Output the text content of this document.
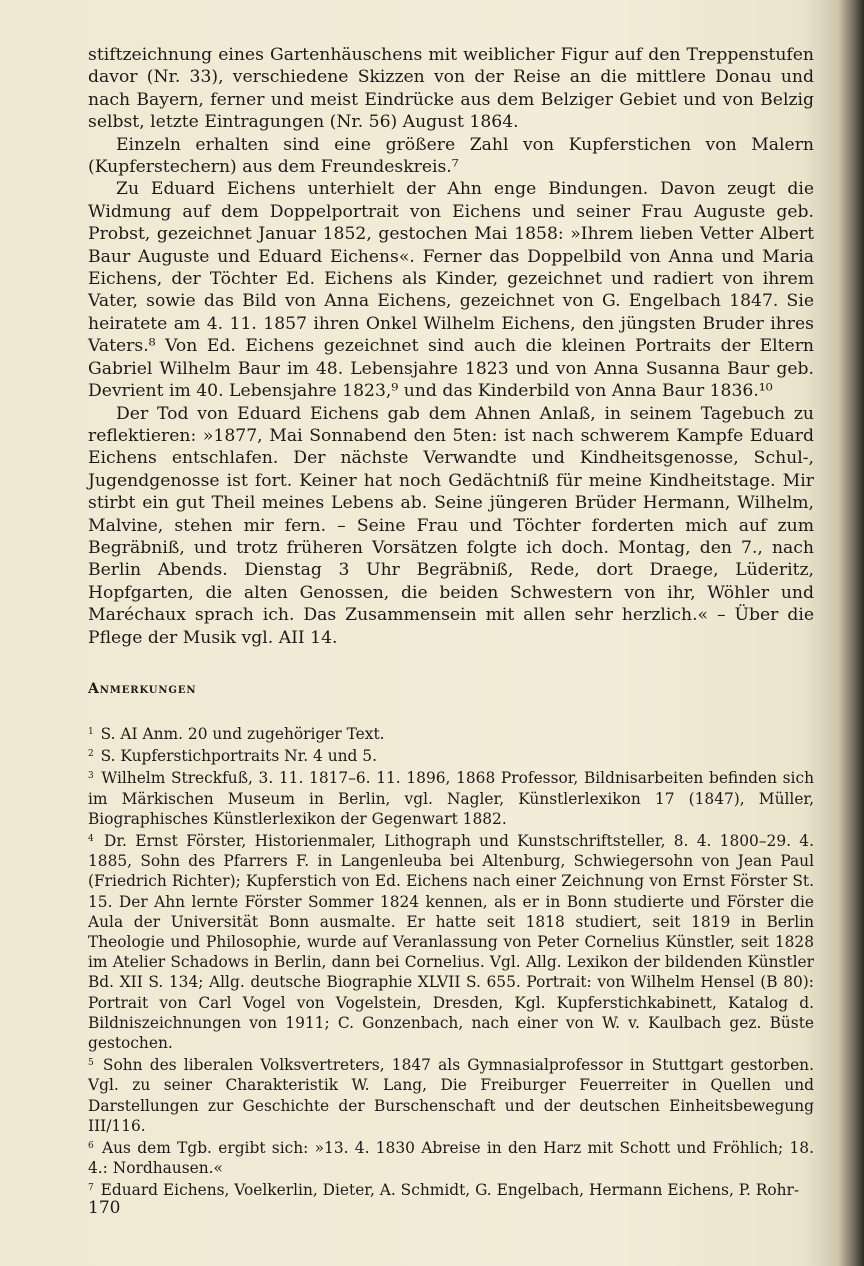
stiftzeichnung eines Gartenhäuschens mit weiblicher Figur auf den Treppenstufen davor (Nr. 33), verschiedene Skizzen von der Reise an die mittlere Donau und nach Bayern, ferner und meist Eindrücke aus dem Belziger Gebiet und von Belzig selbst, letzte Eintragungen (Nr. 56) August 1864.

Einzeln erhalten sind eine größere Zahl von Kupferstichen von Malern (Kupferstechern) aus dem Freundeskreis.⁷

Zu Eduard Eichens unterhielt der Ahn enge Bindungen. Davon zeugt die Widmung auf dem Doppelportrait von Eichens und seiner Frau Auguste geb. Probst, gezeichnet Januar 1852, gestochen Mai 1858: »Ihrem lieben Vetter Albert Baur Auguste und Eduard Eichens«. Ferner das Doppelbild von Anna und Maria Eichens, der Töchter Ed. Eichens als Kinder, gezeichnet und radiert von ihrem Vater, sowie das Bild von Anna Eichens, gezeichnet von G. Engelbach 1847. Sie heiratete am 4. 11. 1857 ihren Onkel Wilhelm Eichens, den jüngsten Bruder ihres Vaters.⁸ Von Ed. Eichens gezeichnet sind auch die kleinen Portraits der Eltern Gabriel Wilhelm Baur im 48. Lebensjahre 1823 und von Anna Susanna Baur geb. Devrient im 40. Lebensjahre 1823,⁹ und das Kinderbild von Anna Baur 1836.¹⁰

Der Tod von Eduard Eichens gab dem Ahnen Anlaß, in seinem Tagebuch zu reflektieren: »1877, Mai Sonnabend den 5ten: ist nach schwerem Kampfe Eduard Eichens entschlafen. Der nächste Verwandte und Kindheitsgenosse, Schul-, Jugendgenosse ist fort. Keiner hat noch Gedächtniß für meine Kindheitstage. Mir stirbt ein gut Theil meines Lebens ab. Seine jüngeren Brüder Hermann, Wilhelm, Malvine, stehen mir fern. – Seine Frau und Töchter forderten mich auf zum Begräbniß, und trotz früheren Vorsätzen folgte ich doch. Montag, den 7., nach Berlin Abends. Dienstag 3 Uhr Begräbniß, Rede, dort Draege, Lüderitz, Hopfgarten, die alten Genossen, die beiden Schwestern von ihr, Wöhler und Maréchaux sprach ich. Das Zusammensein mit allen sehr herzlich.« – Über die Pflege der Musik vgl. AII 14.

Anmerkungen

$^1$ S. AI Anm. 20 und zugehöriger Text.

$^2$ S. Kupferstichportraits Nr. 4 und 5.

$^3$ Wilhelm Streckfuß, 3. 11. 1817–6. 11. 1896, 1868 Professor, Bildnisarbeiten befinden sich im Märkischen Museum in Berlin, vgl. Nagler, Künstlerlexikon 17 (1847), Müller, Biographisches Künstlerlexikon der Gegenwart 1882.

$^4$ Dr. Ernst Förster, Historienmaler, Lithograph und Kunstschriftsteller, 8. 4. 1800–29. 4. 1885, Sohn des Pfarrers F. in Langenleuba bei Altenburg, Schwiegersohn von Jean Paul (Friedrich Richter); Kupferstich von Ed. Eichens nach einer Zeichnung von Ernst Förster St. 15. Der Ahn lernte Förster Sommer 1824 kennen, als er in Bonn studierte und Förster die Aula der Universität Bonn ausmalte. Er hatte seit 1818 studiert, seit 1819 in Berlin Theologie und Philosophie, wurde auf Veranlassung von Peter Cornelius Künstler, seit 1828 im Atelier Schadows in Berlin, dann bei Cornelius. Vgl. Allg. Lexikon der bildenden Künstler Bd. XII S. 134; Allg. deutsche Biographie XLVII S. 655. Portrait: von Wilhelm Hensel (B 80): Portrait von Carl Vogel von Vogelstein, Dresden, Kgl. Kupferstichkabinett, Katalog d. Bildniszeichnungen von 1911; C. Gonzenbach, nach einer von W. v. Kaulbach gez. Büste gestochen.

$^5$ Sohn des liberalen Volksvertreters, 1847 als Gymnasialprofessor in Stuttgart gestorben. Vgl. zu seiner Charakteristik W. Lang, Die Freiburger Feuerreiter in Quellen und Darstellungen zur Geschichte der Burschenschaft und der deutschen Einheitsbewegung III/116.

$^6$ Aus dem Tgb. ergibt sich: »13. 4. 1830 Abreise in den Harz mit Schott und Fröhlich; 18. 4.: Nordhausen.«

$^7$ Eduard Eichens, Voelkerlin, Dieter, A. Schmidt, G. Engelbach, Hermann Eichens, P. Rohr-

170
